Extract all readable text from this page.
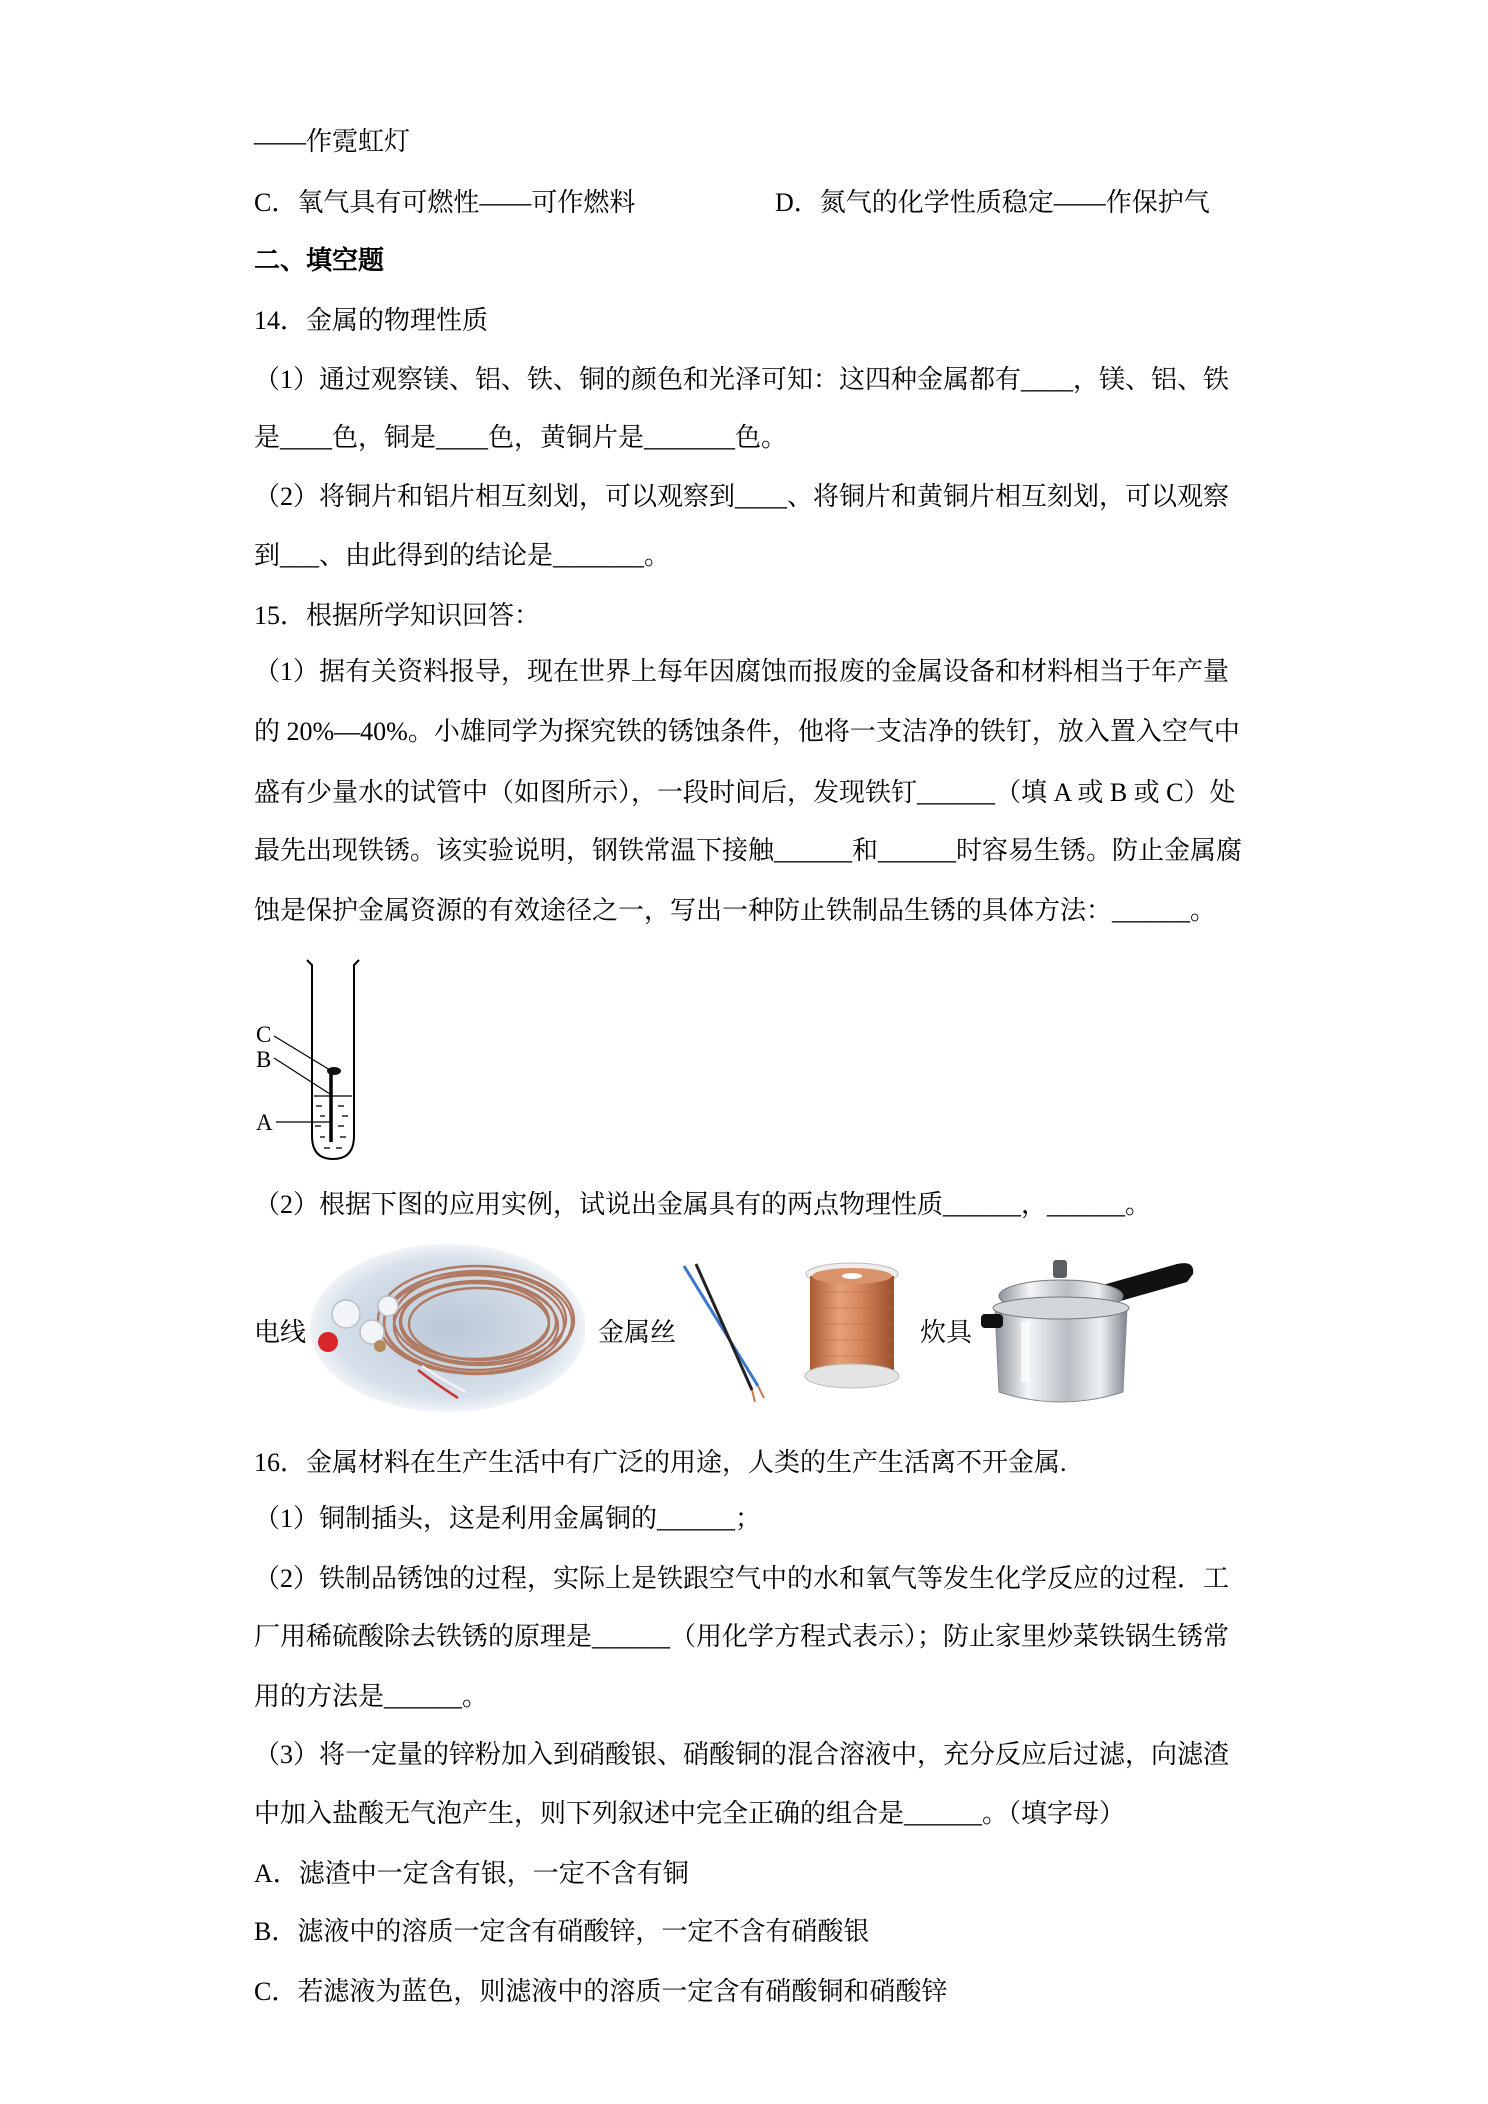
——作霓虹灯
C．氧气具有可燃性——可作燃料	D．氮气的化学性质稳定——作保护气
二、填空题
14．金属的物理性质
（1）通过观察镁、铝、铁、铜的颜色和光泽可知：这四种金属都有____，镁、铝、铁
是____色，铜是____色，黄铜片是_______色。
（2）将铜片和铝片相互刻划，可以观察到____、将铜片和黄铜片相互刻划，可以观察
到___、由此得到的结论是_______。
15．根据所学知识回答：
（1）据有关资料报导，现在世界上每年因腐蚀而报废的金属设备和材料相当于年产量
的 20%—40%。小雄同学为探究铁的锈蚀条件，他将一支洁净的铁钉，放入置入空气中
盛有少量水的试管中（如图所示），一段时间后，发现铁钉______（填 A 或 B 或 C）处
最先出现铁锈。该实验说明，钢铁常温下接触______和______时容易生锈。防止金属腐
蚀是保护金属资源的有效途径之一，写出一种防止铁制品生锈的具体方法：______。
C
B
A
（2）根据下图的应用实例，试说出金属具有的两点物理性质______，______。
电线	金属丝	炊具
16．金属材料在生产生活中有广泛的用途，人类的生产生活离不开金属.
（1）铜制插头，这是利用金属铜的______；
（2）铁制品锈蚀的过程，实际上是铁跟空气中的水和氧气等发生化学反应的过程．工
厂用稀硫酸除去铁锈的原理是______（用化学方程式表示）；防止家里炒菜铁锅生锈常
用的方法是______。
（3）将一定量的锌粉加入到硝酸银、硝酸铜的混合溶液中，充分反应后过滤，向滤渣
中加入盐酸无气泡产生，则下列叙述中完全正确的组合是______。（填字母）
A．滤渣中一定含有银，一定不含有铜
B．滤液中的溶质一定含有硝酸锌，一定不含有硝酸银
C．若滤液为蓝色，则滤液中的溶质一定含有硝酸铜和硝酸锌
